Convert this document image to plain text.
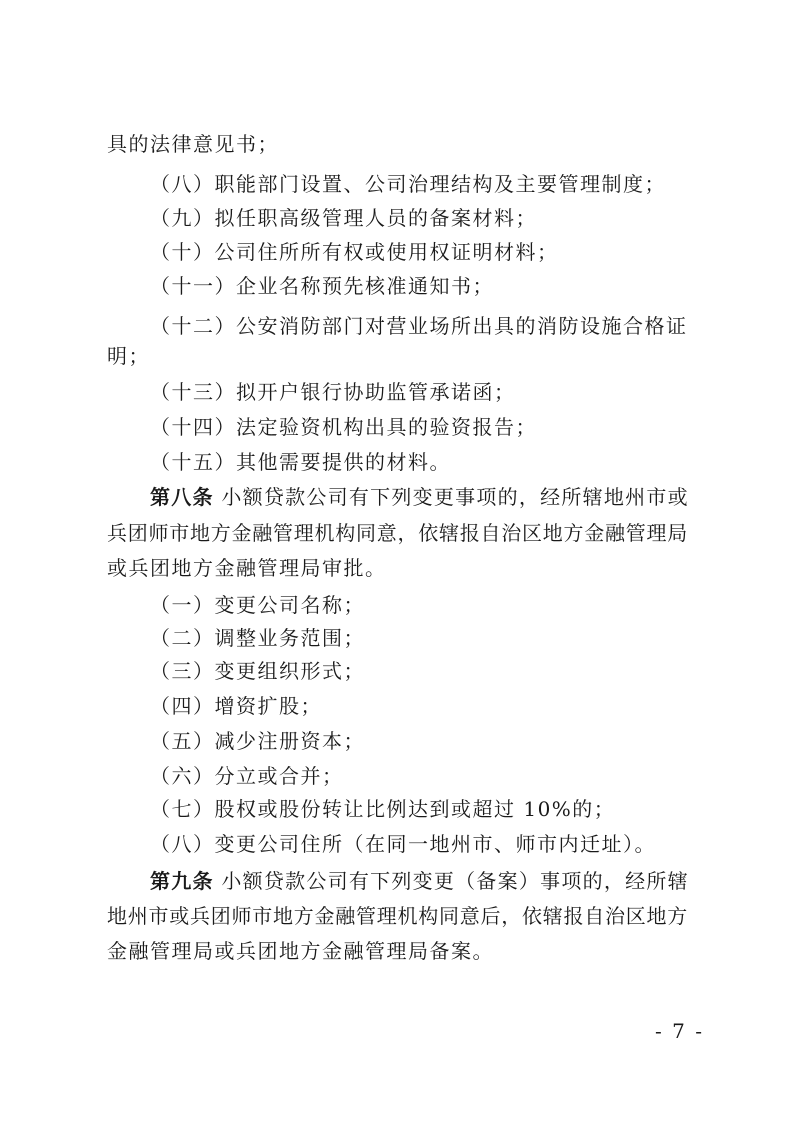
具的法律意见书；
（八）职能部门设置、公司治理结构及主要管理制度；
（九）拟任职高级管理人员的备案材料；
（十）公司住所所有权或使用权证明材料；
（十一）企业名称预先核准通知书；
（十二）公安消防部门对营业场所出具的消防设施合格证
明；
（十三）拟开户银行协助监管承诺函；
（十四）法定验资机构出具的验资报告；
（十五）其他需要提供的材料。
第八条 小额贷款公司有下列变更事项的，经所辖地州市或
兵团师市地方金融管理机构同意，依辖报自治区地方金融管理局
或兵团地方金融管理局审批。
（一）变更公司名称；
（二）调整业务范围；
（三）变更组织形式；
（四）增资扩股；
（五）减少注册资本；
（六）分立或合并；
（七）股权或股份转让比例达到或超过 10%的；
（八）变更公司住所（在同一地州市、师市内迁址）。
第九条 小额贷款公司有下列变更（备案）事项的，经所辖
地州市或兵团师市地方金融管理机构同意后，依辖报自治区地方
金融管理局或兵团地方金融管理局备案。
- 7 -
